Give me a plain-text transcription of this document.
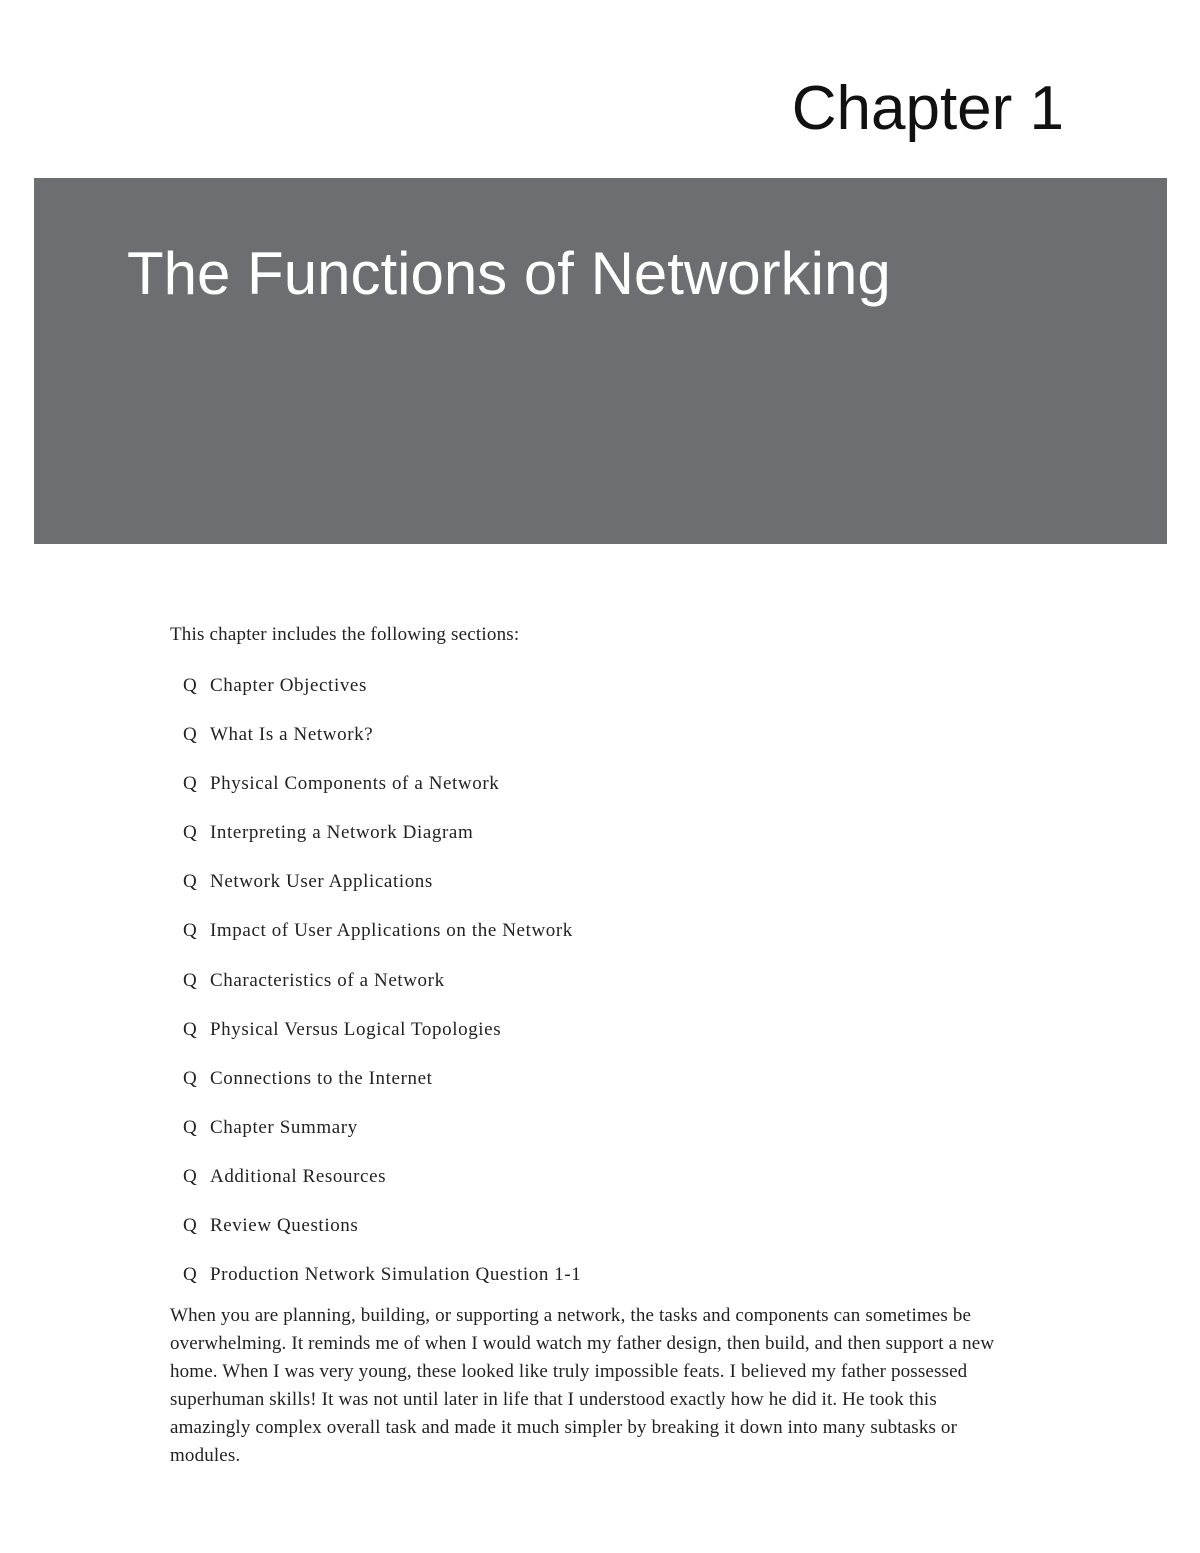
Chapter 1
The Functions of Networking

This chapter includes the following sections:

Q Chapter Objectives
Q What Is a Network?
Q Physical Components of a Network
Q Interpreting a Network Diagram
Q Network User Applications
Q Impact of User Applications on the Network
Q Characteristics of a Network
Q Physical Versus Logical Topologies
Q Connections to the Internet
Q Chapter Summary
Q Additional Resources
Q Review Questions
Q Production Network Simulation Question 1-1

When you are planning, building, or supporting a network, the tasks and components can sometimes be overwhelming. It reminds me of when I would watch my father design, then build, and then support a new home. When I was very young, these looked like truly impossible feats. I believed my father possessed superhuman skills! It was not until later in life that I understood exactly how he did it. He took this amazingly complex overall task and made it much simpler by breaking it down into many subtasks or modules.
